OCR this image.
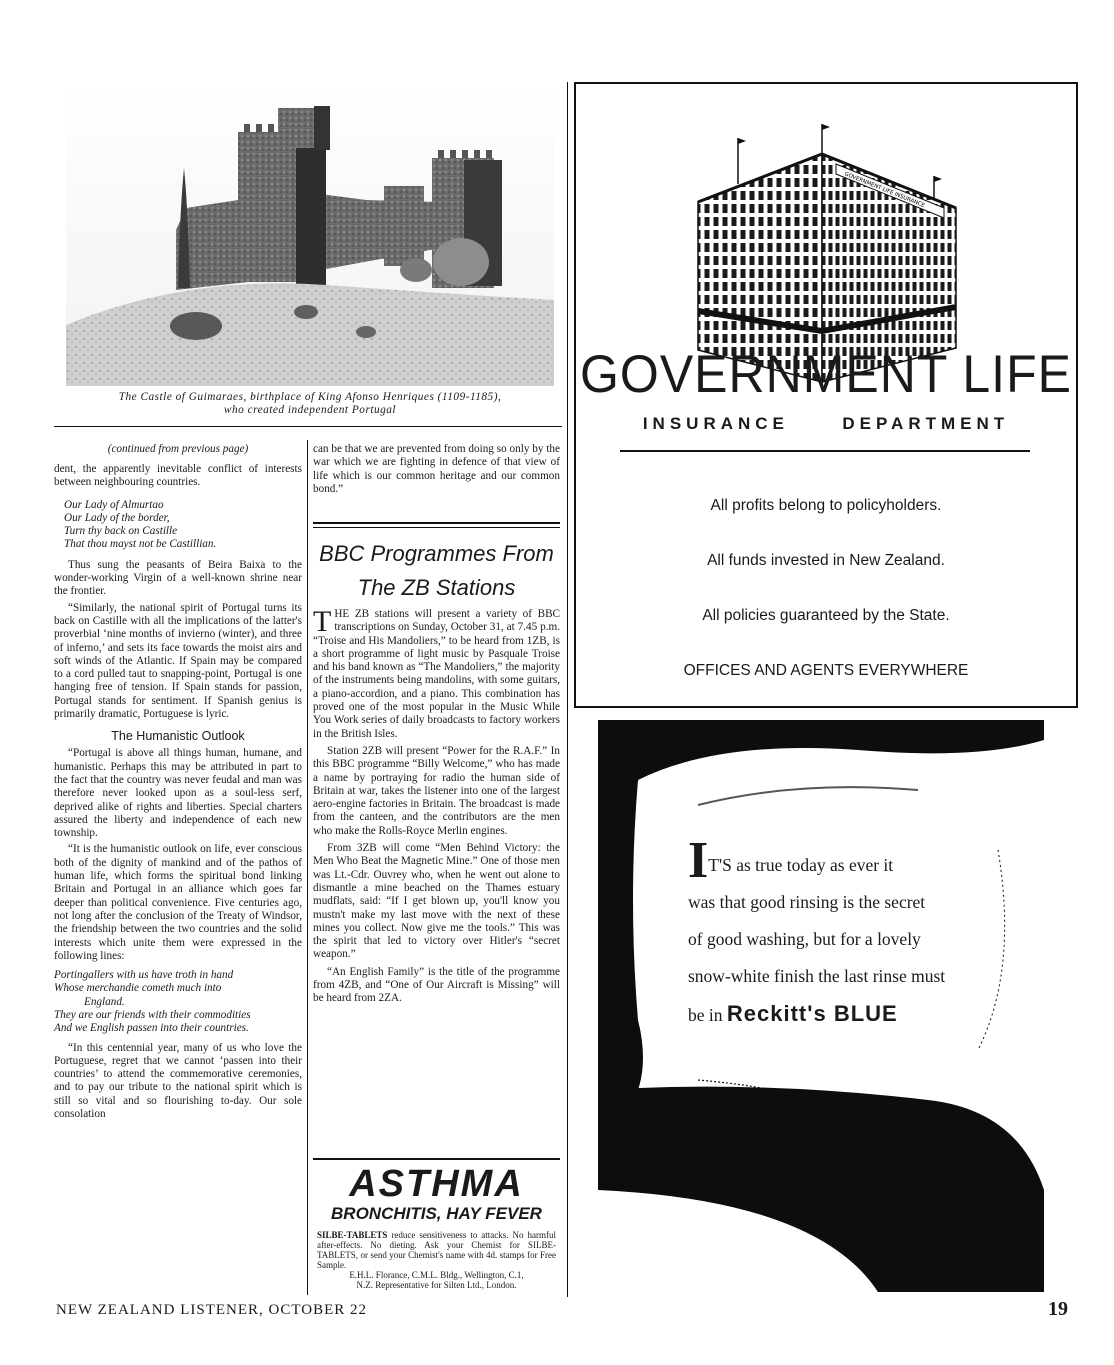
The Castle of Guimaraes, birthplace of King Afonso Henriques (1109-1185),
who created independent Portugal
(continued from previous page)

dent, the apparently inevitable conflict of interests between neighbouring countries.

Our Lady of Almurtao
Our Lady of the border,
Turn thy back on Castille
That thou mayst not be Castillian.

Thus sung the peasants of Beira Baixa to the wonder-working Virgin of a well-known shrine near the frontier.

“Similarly, the national spirit of Portugal turns its back on Castille with all the implications of the latter's proverbial ‘nine months of invierno (winter), and three of inferno,’ and sets its face towards the moist airs and soft winds of the Atlantic. If Spain may be compared to a cord pulled taut to snapping-point, Portugal is one hanging free of tension. If Spain stands for passion, Portugal stands for sentiment. If Spanish genius is primarily dramatic, Portuguese is lyric.

The Humanistic Outlook

“Portugal is above all things human, humane, and humanistic. Perhaps this may be attributed in part to the fact that the country was never feudal and man was therefore never looked upon as a soul-less serf, deprived alike of rights and liberties. Special charters assured the liberty and independence of each new township.

“It is the humanistic outlook on life, ever conscious both of the dignity of mankind and of the pathos of human life, which forms the spiritual bond linking Britain and Portugal in an alliance which goes far deeper than political convenience. Five centuries ago, not long after the conclusion of the Treaty of Windsor, the friendship between the two countries and the solid interests which unite them were expressed in the following lines:

Portingallers with us have troth in hand
Whose merchandie cometh much into
England.
They are our friends with their commodities
And we English passen into their countries.

“In this centennial year, many of us who love the Portuguese, regret that we cannot ‘passen into their countries’ to attend the commemorative ceremonies, and to pay our tribute to the national spirit which is still so vital and so flourishing to-day. Our sole consolation

can be that we are prevented from doing so only by the war which we are fighting in defence of that view of life which is our common heritage and our common bond.”

BBC Programmes From
The ZB Stations

THE ZB stations will present a variety of BBC transcriptions on Sunday, October 31, at 7.45 p.m. “Troise and His Mandoliers,” to be heard from 1ZB, is a short programme of light music by Pasquale Troise and his band known as “The Mandoliers,” the majority of the instruments being mandolins, with some guitars, a piano-accordion, and a piano. This combination has proved one of the most popular in the Music While You Work series of daily broadcasts to factory workers in the British Isles.

Station 2ZB will present “Power for the R.A.F.” In this BBC programme “Billy Welcome,” who has made a name by portraying for radio the human side of Britain at war, takes the listener into one of the largest aero-engine factories in Britain. The broadcast is made from the canteen, and the contributors are the men who make the Rolls-Royce Merlin engines.

From 3ZB will come “Men Behind Victory: the Men Who Beat the Magnetic Mine.” One of those men was Lt.-Cdr. Ouvrey who, when he went out alone to dismantle a mine beached on the Thames estuary mudflats, said: “If I get blown up, you'll know you mustn't make my last move with the next of these mines you collect. Now give me the tools.” This was the spirit that led to victory over Hitler's “secret weapon.”

“An English Family” is the title of the programme from 4ZB, and “One of Our Aircraft is Missing” will be heard from 2ZA.

ASTHMA
BRONCHITIS, HAY FEVER
SILBE-TABLETS reduce sensitiveness to attacks. No harmful after-effects. No dieting. Ask your Chemist for SILBE-TABLETS, or send your Chemist's name with 4d. stamps for Free Sample.
E.H.L. Florance, C.M.L. Bldg., Wellington, C.1,
N.Z. Representative for Silten Ltd., London.
GOVERNMENT LIFE INSURANCE
GOVERNMENT LIFE
INSURANCE	DEPARTMENT
All profits belong to policyholders.
All funds invested in New Zealand.
All policies guaranteed by the State.
OFFICES AND AGENTS EVERYWHERE
IT'S as true today as ever it
was that good rinsing is the secret
of good washing, but for a lovely
snow-white finish the last rinse must
be in Reckitt's BLUE
NEW ZEALAND LISTENER, OCTOBER 22	19
